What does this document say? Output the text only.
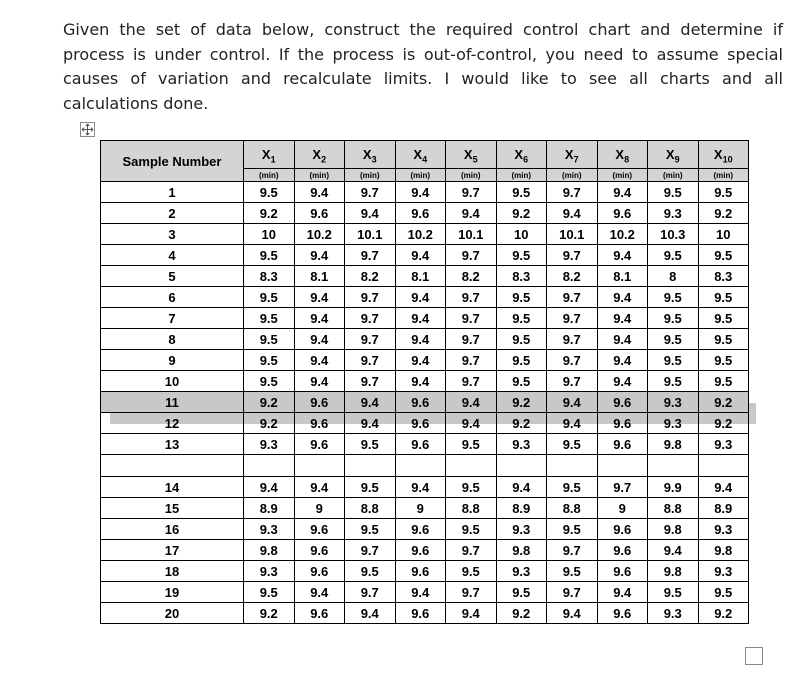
Given the set of data below, construct the required control chart and determine if process is under control. If the process is out-of-control, you need to assume special causes of variation and recalculate limits. I would like to see all charts and all calculations done.

Sample Number	$X_1$	$X_2$	$X_3$	$X_4$	$X_5$	$X_6$	$X_7$	$X_8$	$X_9$	$X_{10}$
	(min)	(min)	(min)	(min)	(min)	(min)	(min)	(min)	(min)	(min)
1	9.5	9.4	9.7	9.4	9.7	9.5	9.7	9.4	9.5	9.5
2	9.2	9.6	9.4	9.6	9.4	9.2	9.4	9.6	9.3	9.2
3	10	10.2	10.1	10.2	10.1	10	10.1	10.2	10.3	10
4	9.5	9.4	9.7	9.4	9.7	9.5	9.7	9.4	9.5	9.5
5	8.3	8.1	8.2	8.1	8.2	8.3	8.2	8.1	8	8.3
6	9.5	9.4	9.7	9.4	9.7	9.5	9.7	9.4	9.5	9.5
7	9.5	9.4	9.7	9.4	9.7	9.5	9.7	9.4	9.5	9.5
8	9.5	9.4	9.7	9.4	9.7	9.5	9.7	9.4	9.5	9.5
9	9.5	9.4	9.7	9.4	9.7	9.5	9.7	9.4	9.5	9.5
10	9.5	9.4	9.7	9.4	9.7	9.5	9.7	9.4	9.5	9.5
11	9.2	9.6	9.4	9.6	9.4	9.2	9.4	9.6	9.3	9.2
12	9.2	9.6	9.4	9.6	9.4	9.2	9.4	9.6	9.3	9.2
13	9.3	9.6	9.5	9.6	9.5	9.3	9.5	9.6	9.8	9.3

14	9.4	9.4	9.5	9.4	9.5	9.4	9.5	9.7	9.9	9.4
15	8.9	9	8.8	9	8.8	8.9	8.8	9	8.8	8.9
16	9.3	9.6	9.5	9.6	9.5	9.3	9.5	9.6	9.8	9.3
17	9.8	9.6	9.7	9.6	9.7	9.8	9.7	9.6	9.4	9.8
18	9.3	9.6	9.5	9.6	9.5	9.3	9.5	9.6	9.8	9.3
19	9.5	9.4	9.7	9.4	9.7	9.5	9.7	9.4	9.5	9.5
20	9.2	9.6	9.4	9.6	9.4	9.2	9.4	9.6	9.3	9.2
